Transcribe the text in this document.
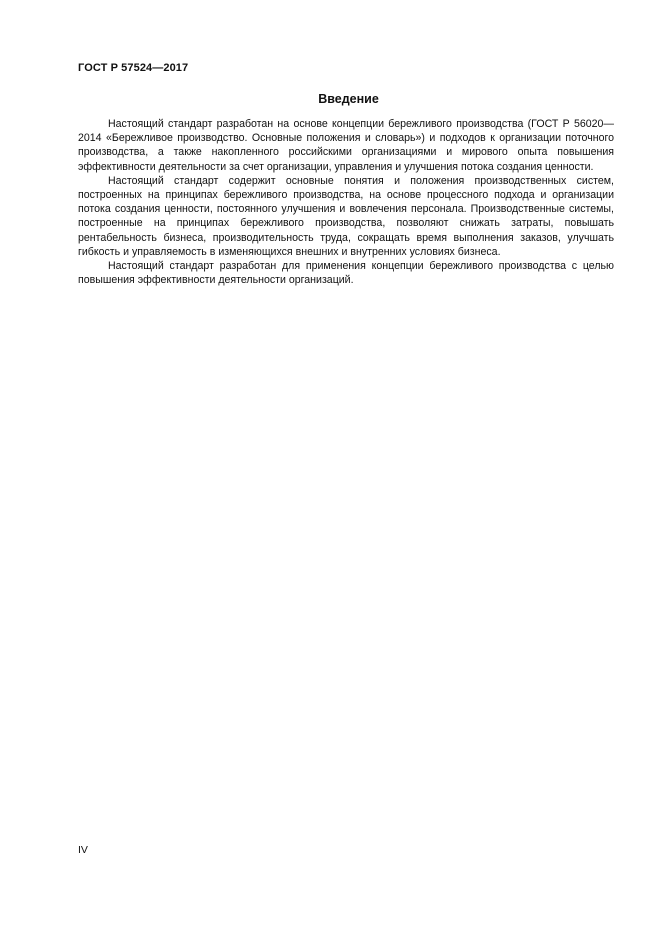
ГОСТ Р 57524—2017
Введение

Настоящий стандарт разработан на основе концепции бережливого производства (ГОСТ Р 56020—2014 «Бережливое производство. Основные положения и словарь») и подходов к организации поточного производства, а также накопленного российскими организациями и мирового опыта повышения эффективности деятельности за счет организации, управления и улучшения потока создания ценности.

Настоящий стандарт содержит основные понятия и положения производственных систем, построенных на принципах бережливого производства, на основе процессного подхода и организации потока создания ценности, постоянного улучшения и вовлечения персонала. Производственные системы, построенные на принципах бережливого производства, позволяют снижать затраты, повышать рентабельность бизнеса, производительность труда, сокращать время выполнения заказов, улучшать гибкость и управляемость в изменяющихся внешних и внутренних условиях бизнеса.

Настоящий стандарт разработан для применения концепции бережливого производства с целью повышения эффективности деятельности организаций.

IV
